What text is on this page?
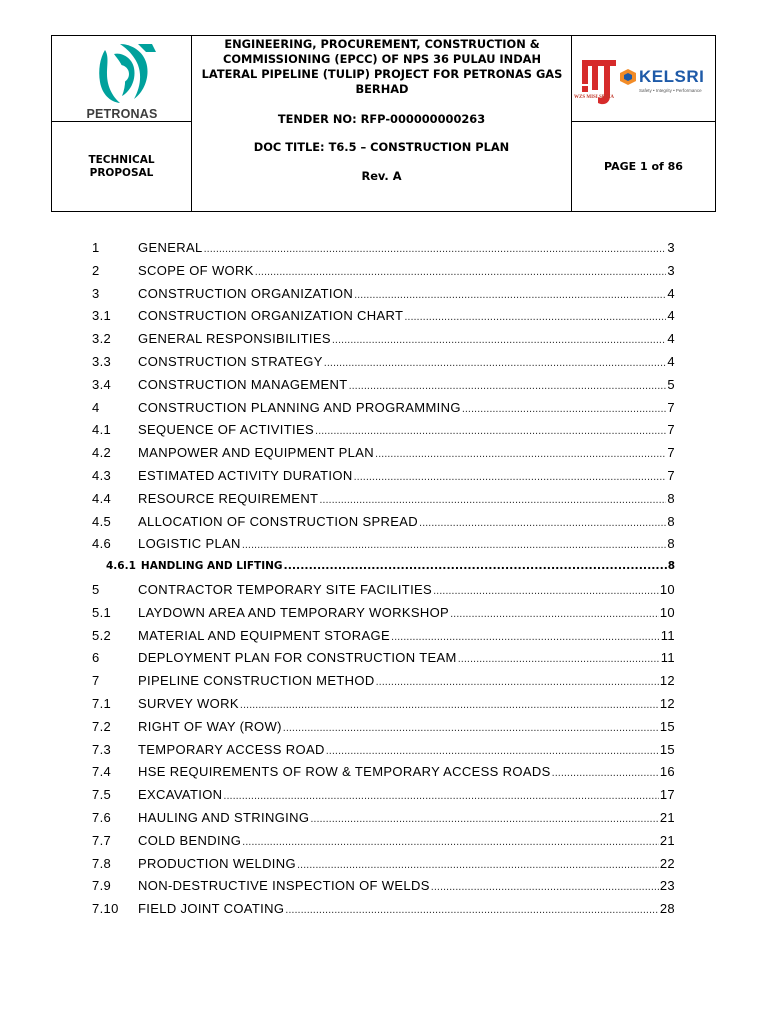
PETRONAS
TECHNICAL PROPOSAL
ENGINEERING, PROCUREMENT, CONSTRUCTION & COMMISSIONING (EPCC) OF NPS 36 PULAU INDAH LATERAL PIPELINE (TULIP) PROJECT FOR PETRONAS GAS BERHAD
TENDER NO: RFP-000000000263
DOC TITLE: T6.5 – CONSTRUCTION PLAN
Rev. A
WZS MISI SETIA
KELSRI
Safety • Integrity • Performance
PAGE 1 of 86
1	GENERAL .....	3
2	SCOPE OF WORK .....	3
3	CONSTRUCTION ORGANIZATION .....	4
3.1	CONSTRUCTION ORGANIZATION CHART .....	4
3.2	GENERAL RESPONSIBILITIES .....	4
3.3	CONSTRUCTION STRATEGY .....	4
3.4	CONSTRUCTION MANAGEMENT .....	5
4	CONSTRUCTION PLANNING AND PROGRAMMING .....	7
4.1	SEQUENCE OF ACTIVITIES .....	7
4.2	MANPOWER AND EQUIPMENT PLAN .....	7
4.3	ESTIMATED ACTIVITY DURATION .....	7
4.4	RESOURCE REQUIREMENT .....	8
4.5	ALLOCATION OF CONSTRUCTION SPREAD .....	8
4.6	LOGISTIC PLAN .....	8
4.6.1 HANDLING AND LIFTING .....	8
5	CONTRACTOR TEMPORARY SITE FACILITIES .....	10
5.1	LAYDOWN AREA AND TEMPORARY WORKSHOP .....	10
5.2	MATERIAL AND EQUIPMENT STORAGE .....	11
6	DEPLOYMENT PLAN FOR CONSTRUCTION TEAM .....	11
7	PIPELINE CONSTRUCTION METHOD .....	12
7.1	SURVEY WORK .....	12
7.2	RIGHT OF WAY (ROW) .....	15
7.3	TEMPORARY ACCESS ROAD .....	15
7.4	HSE REQUIREMENTS OF ROW & TEMPORARY ACCESS ROADS .....	16
7.5	EXCAVATION .....	17
7.6	HAULING AND STRINGING .....	21
7.7	COLD BENDING .....	21
7.8	PRODUCTION WELDING .....	22
7.9	NON-DESTRUCTIVE INSPECTION OF WELDS .....	23
7.10	FIELD JOINT COATING .....	28
